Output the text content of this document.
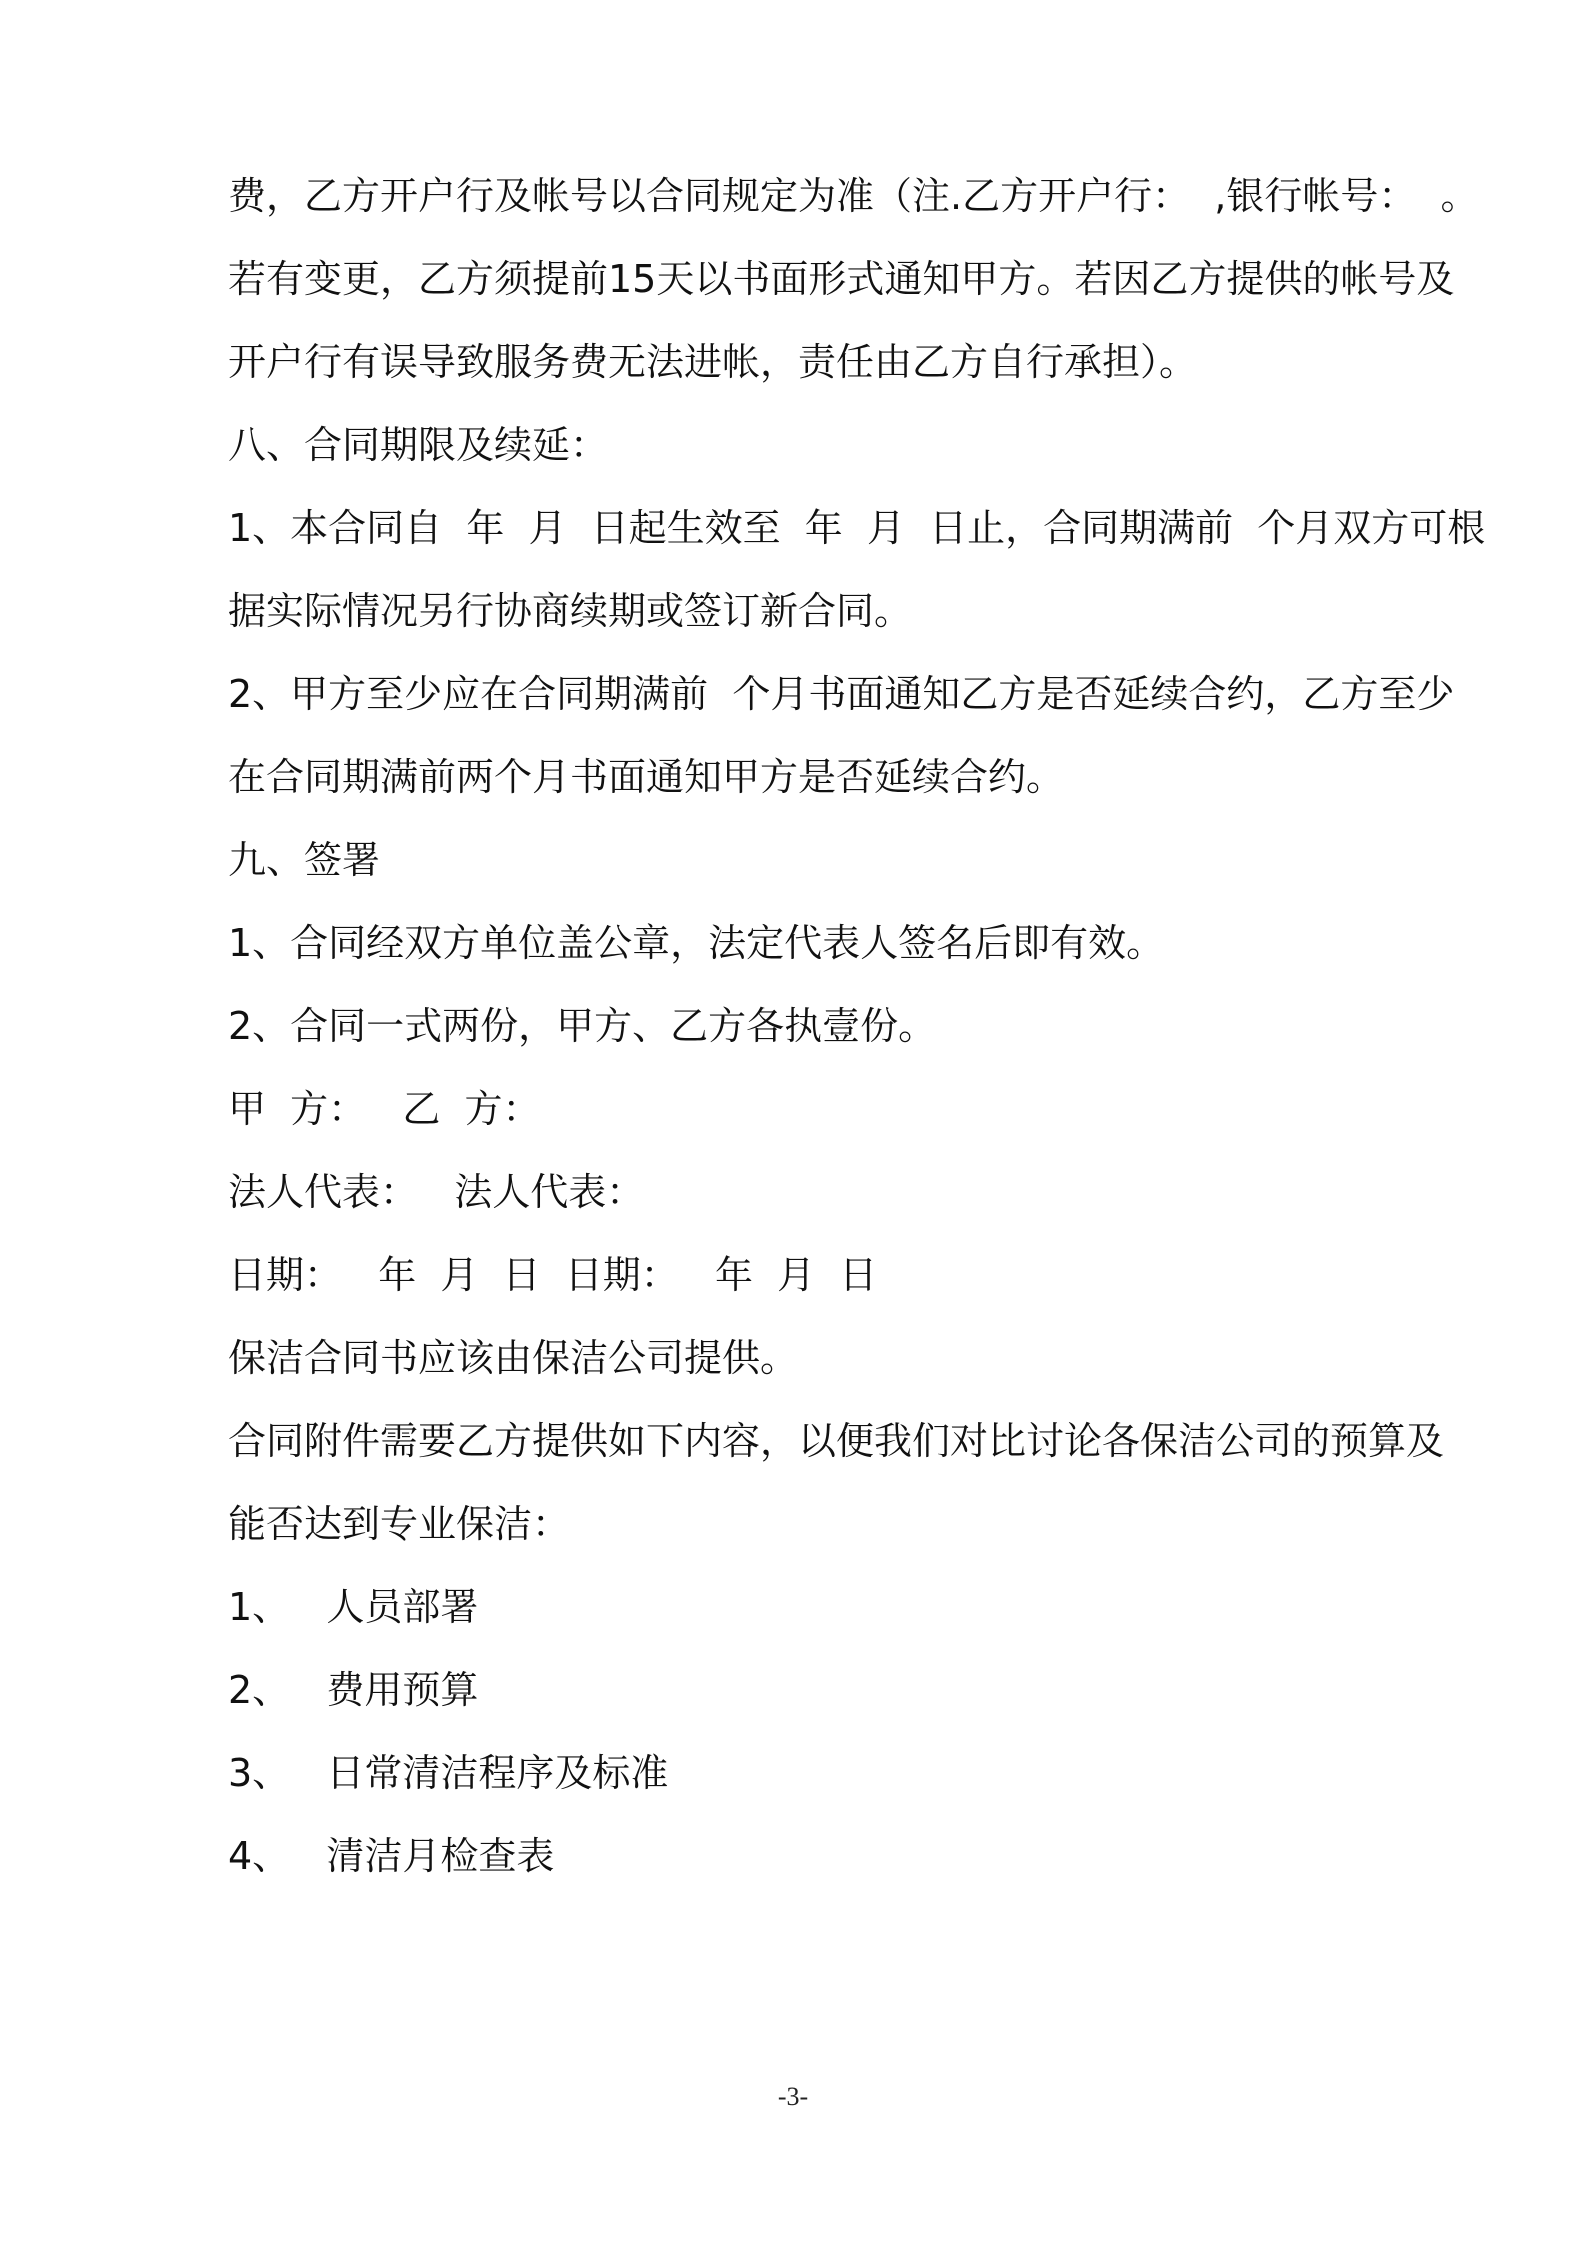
费，乙方开户行及帐号以合同规定为准（注.乙方开户行：  ,银行帐号：  。
若有变更，乙方须提前15天以书面形式通知甲方。若因乙方提供的帐号及
开户行有误导致服务费无法进帐，责任由乙方自行承担）。
八、合同期限及续延：
1、本合同自  年  月  日起生效至  年  月  日止，合同期满前  个月双方可根
据实际情况另行协商续期或签订新合同。
2、甲方至少应在合同期满前  个月书面通知乙方是否延续合约，乙方至少
在合同期满前两个月书面通知甲方是否延续合约。
九、签署
1、合同经双方单位盖公章，法定代表人签名后即有效。
2、合同一式两份，甲方、乙方各执壹份。
甲  方：   乙  方：
法人代表：   法人代表：
日期：   年  月  日  日期：   年  月  日
保洁合同书应该由保洁公司提供。
合同附件需要乙方提供如下内容，以便我们对比讨论各保洁公司的预算及
能否达到专业保洁：
1、   人员部署
2、   费用预算
3、   日常清洁程序及标准
4、   清洁月检查表
-3-
